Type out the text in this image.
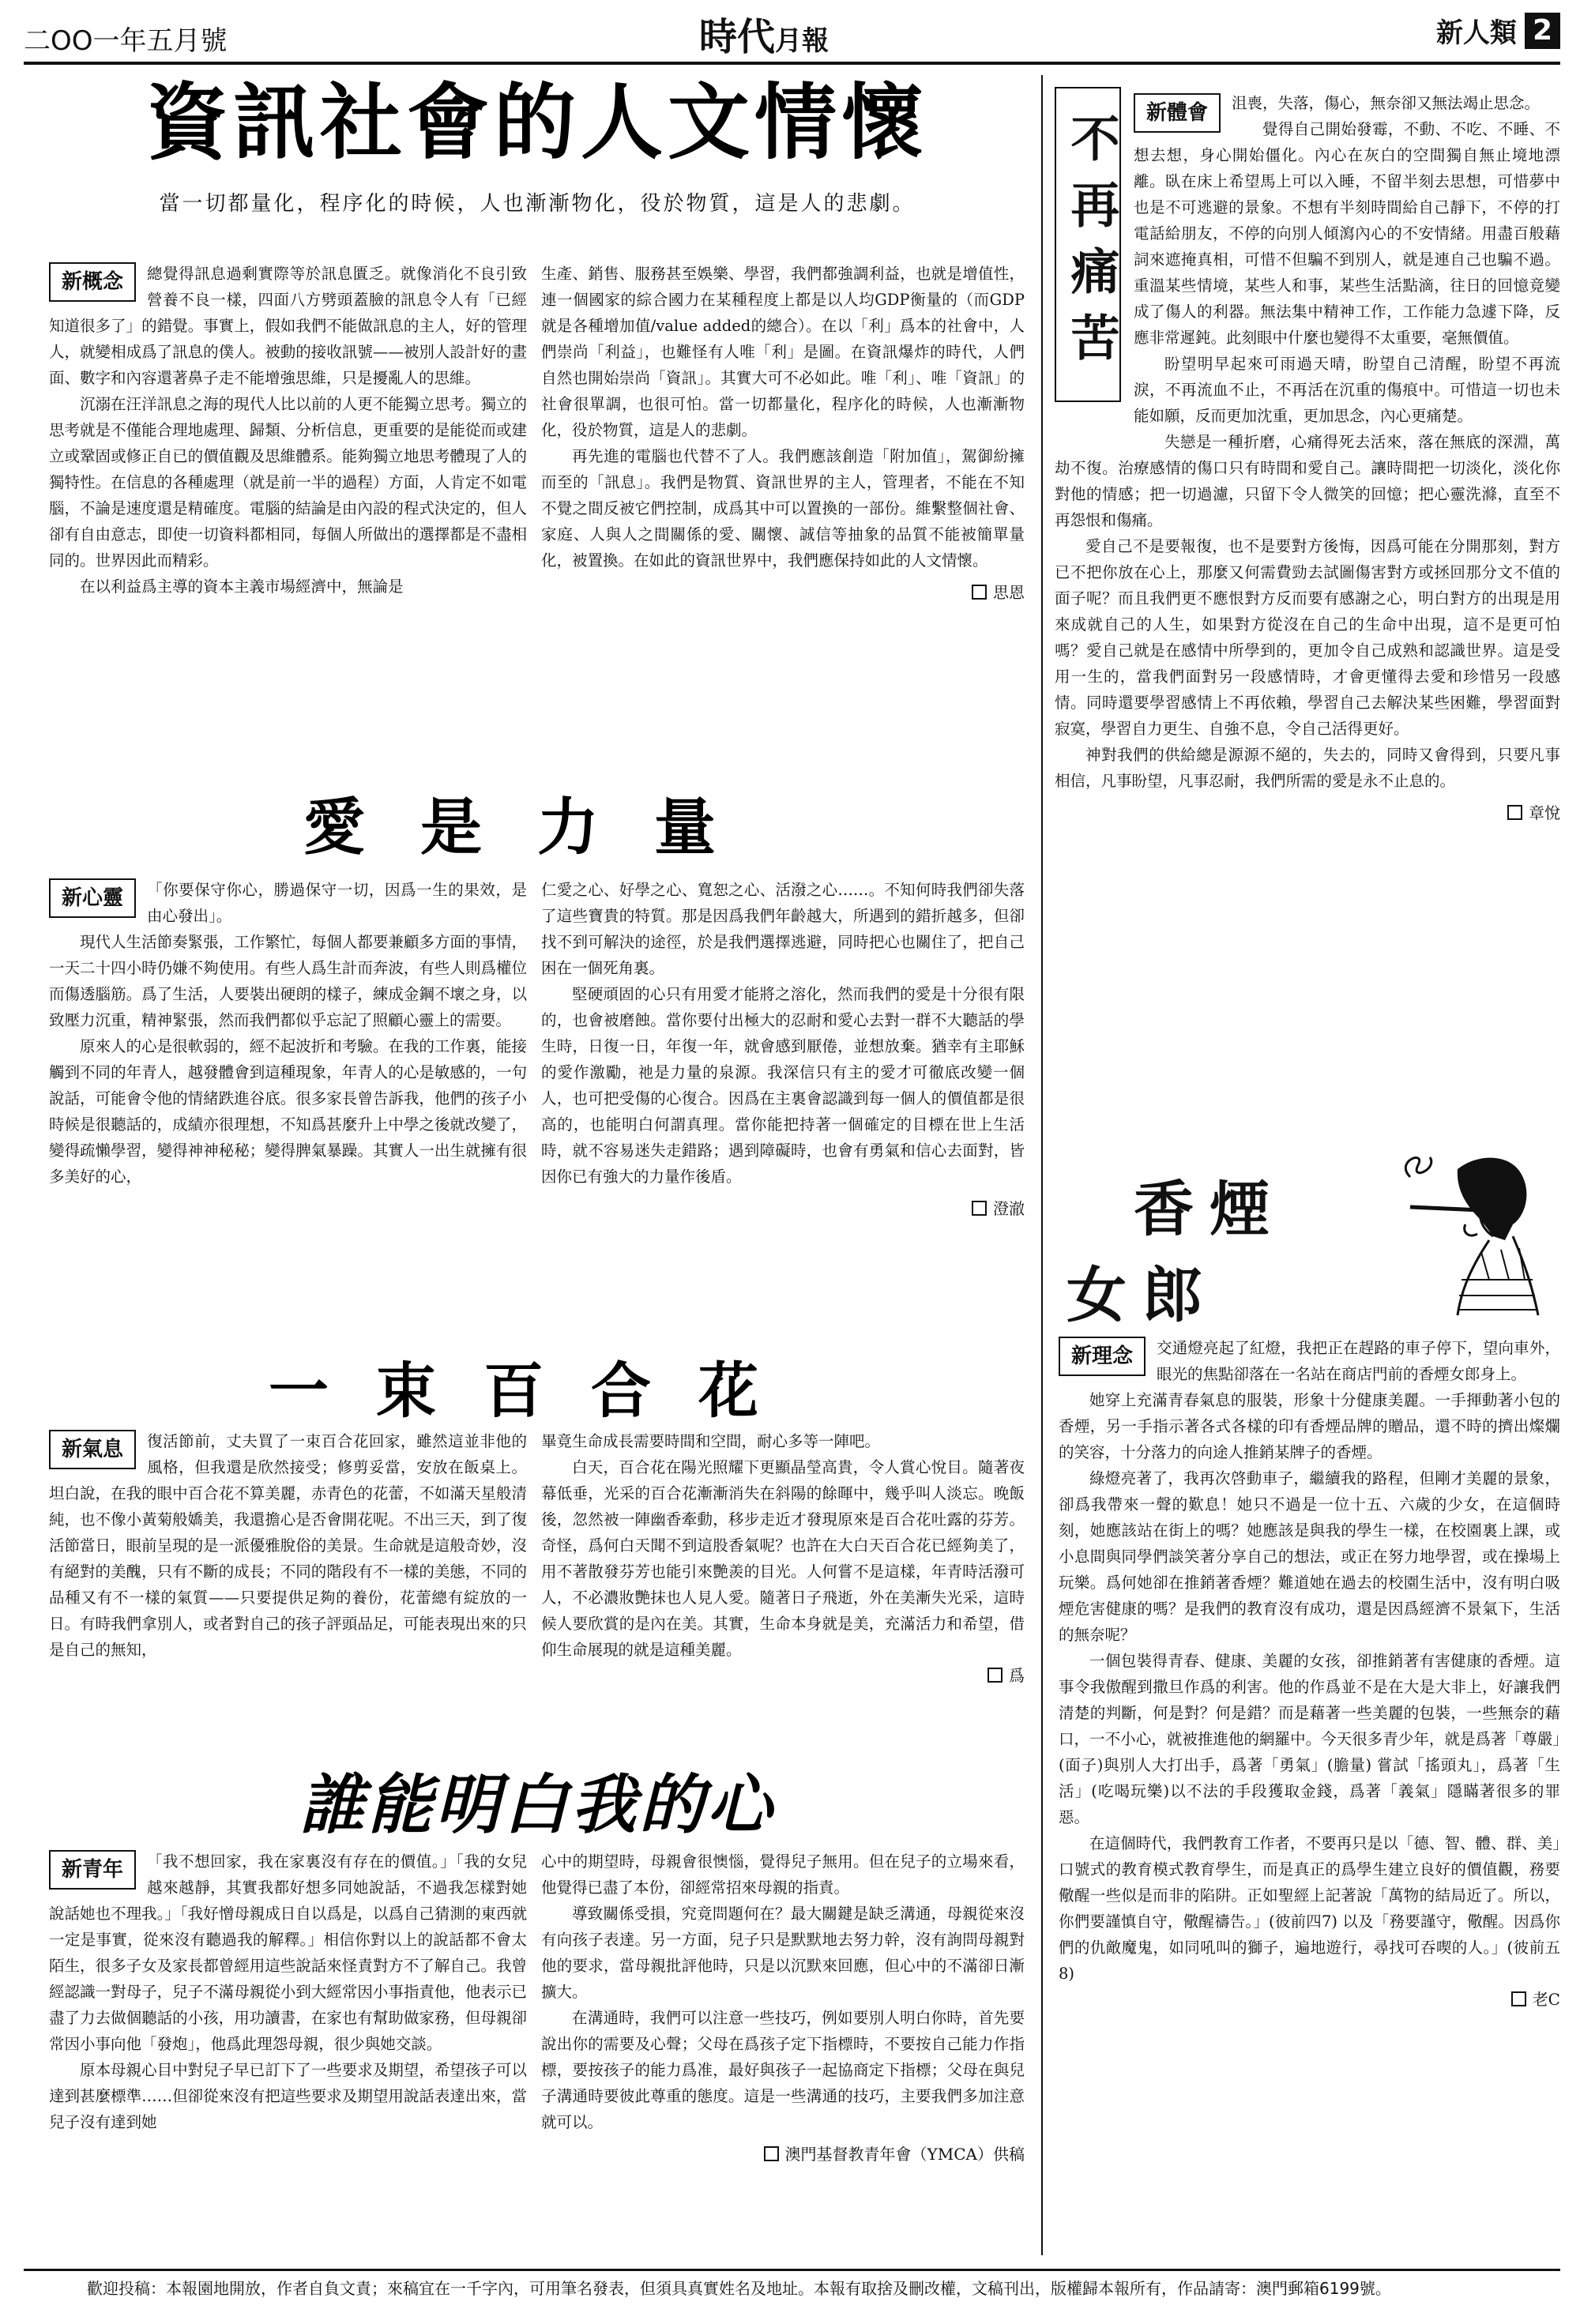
二OO一年五月號	時代月報	新人類 2
資訊社會的人文情懷
當一切都量化，程序化的時候，人也漸漸物化，役於物質，這是人的悲劇。
新概念	總覺得訊息過剩實際等於訊息匱乏。就像消化不良引致營養不良一樣，四面八方劈頭蓋臉的訊息令人有「已經知道很多了」的錯覺。事實上，假如我們不能做訊息的主人，好的管理人，就變相成爲了訊息的僕人。被動的接收訊號——被別人設計好的畫面、數字和內容還著鼻子走不能增強思維，只是擾亂人的思維。

沉溺在汪洋訊息之海的現代人比以前的人更不能獨立思考。獨立的思考就是不僅能合理地處理、歸類、分析信息，更重要的是能從而或建立或鞏固或修正自已的價值觀及思維體系。能夠獨立地思考體現了人的獨特性。在信息的各種處理（就是前一半的過程）方面，人肯定不如電腦，不論是速度還是精確度。電腦的結論是由內設的程式決定的，但人卻有自由意志，即使一切資料都相同，每個人所做出的選擇都是不盡相同的。世界因此而精彩。

在以利益爲主導的資本主義市場經濟中，無論是

生產、銷售、服務甚至娛樂、學習，我們都強調利益，也就是增值性，連一個國家的綜合國力在某種程度上都是以人均GDP衡量的（而GDP就是各種增加值/value added的總合）。在以「利」爲本的社會中，人們崇尚「利益」，也難怪有人唯「利」是圖。在資訊爆炸的時代，人們自然也開始崇尚「資訊」。其實大可不必如此。唯「利」、唯「資訊」的社會很單調，也很可怕。當一切都量化，程序化的時候，人也漸漸物化，役於物質，這是人的悲劇。

再先進的電腦也代替不了人。我們應該創造「附加值」，駕御紛擁而至的「訊息」。我們是物質、資訊世界的主人，管理者，不能在不知不覺之間反被它們控制，成爲其中可以置換的一部份。維繫整個社會、家庭、人與人之間關係的愛、關懷、誠信等抽象的品質不能被簡單量化，被置換。在如此的資訊世界中，我們應保持如此的人文情懷。

思恩
愛是力量
新心靈	「你要保守你心，勝過保守一切，因爲一生的果效，是由心發出」。

現代人生活節奏緊張，工作繁忙，每個人都要兼顧多方面的事情，一天二十四小時仍嫌不夠使用。有些人爲生計而奔波，有些人則爲權位而傷透腦筋。爲了生活，人要裝出硬朗的樣子，練成金鋼不壞之身，以致壓力沉重，精神緊張，然而我們都似乎忘記了照顧心靈上的需要。

原來人的心是很軟弱的，經不起波折和考驗。在我的工作裏，能接觸到不同的年青人，越發體會到這種現象，年青人的心是敏感的，一句說話，可能會令他的情緒跌進谷底。很多家長曾告訴我，他們的孩子小時候是很聽話的，成績亦很理想，不知爲甚麼升上中學之後就改變了，變得疏懶學習，變得神神秘秘；變得脾氣暴躁。其實人一出生就擁有很多美好的心，

仁愛之心、好學之心、寬恕之心、活潑之心……。不知何時我們卻失落了這些寶貴的特質。那是因爲我們年齡越大，所遇到的錯折越多，但卻找不到可解決的途徑，於是我們選擇逃避，同時把心也關住了，把自己困在一個死角裏。

堅硬頑固的心只有用愛才能將之溶化，然而我們的愛是十分很有限的，也會被磨蝕。當你要付出極大的忍耐和愛心去對一群不大聽話的學生時，日復一日，年復一年，就會感到厭倦，並想放棄。猶幸有主耶穌的愛作激勵，祂是力量的泉源。我深信只有主的愛才可徹底改變一個人，也可把受傷的心復合。因爲在主裏會認識到每一個人的價值都是很高的，也能明白何謂真理。當你能把持著一個確定的目標在世上生活時，就不容易迷失走錯路；遇到障礙時，也會有勇氣和信心去面對，皆因你已有強大的力量作後盾。

澄澈
一束百合花
新氣息	復活節前，丈夫買了一束百合花回家，雖然這並非他的風格，但我還是欣然接受；修剪妥當，安放在飯桌上。坦白說，在我的眼中百合花不算美麗，赤青色的花蕾，不如滿天星般清純，也不像小黃菊般嬌美，我還擔心是否會開花呢。不出三天，到了復活節當日，眼前呈現的是一派優雅脫俗的美景。生命就是這般奇妙，沒有絕對的美醜，只有不斷的成長；不同的階段有不一樣的美態，不同的品種又有不一樣的氣質——只要提供足夠的養份，花蕾總有綻放的一日。有時我們拿別人，或者對自己的孩子評頭品足，可能表現出來的只是自己的無知，

畢竟生命成長需要時間和空間，耐心多等一陣吧。

白天，百合花在陽光照耀下更顯晶瑩高貴，令人賞心悅目。隨著夜幕低垂，光采的百合花漸漸消失在斜陽的餘暉中，幾乎叫人淡忘。晚飯後，忽然被一陣幽香牽動，移步走近才發現原來是百合花吐露的芬芳。奇怪，爲何白天聞不到這股香氣呢？也許在大白天百合花已經夠美了，用不著散發芬芳也能引來艷羨的目光。人何嘗不是這樣，年青時活潑可人，不必濃妝艷抹也人見人愛。隨著日子飛逝，外在美漸失光采，這時候人要欣賞的是內在美。其實，生命本身就是美，充滿活力和希望，借仰生命展現的就是這種美麗。

爲
誰能明白我的心
新青年	「我不想回家，我在家裏沒有存在的價值。」「我的女兒越來越靜，其實我都好想多同她說話，不過我怎樣對她說話她也不理我。」「我好憎母親成日自以爲是，以爲自己猜測的東西就一定是事實，從來沒有聽過我的解釋。」相信你對以上的說話都不會太陌生，很多子女及家長都曾經用這些說話來怪責對方不了解自己。我曾經認識一對母子，兒子不滿母親從小到大經常因小事指責他，他表示已盡了力去做個聽話的小孩，用功讀書，在家也有幫助做家務，但母親卻常因小事向他「發炮」，他爲此理怨母親，很少與她交談。

原本母親心目中對兒子早已訂下了一些要求及期望，希望孩子可以達到甚麼標準……但卻從來沒有把這些要求及期望用說話表達出來，當兒子沒有達到她

心中的期望時，母親會很懊惱，覺得兒子無用。但在兒子的立場來看，他覺得已盡了本份，卻經常招來母親的指責。

導致關係受損，究竟問題何在？最大關鍵是缺乏溝通，母親從來沒有向孩子表達。另一方面，兒子只是默默地去努力幹，沒有詢問母親對他的要求，當母親批評他時，只是以沉默來回應，但心中的不滿卻日漸擴大。

在溝通時，我們可以注意一些技巧，例如要別人明白你時，首先要說出你的需要及心聲；父母在爲孩子定下指標時，不要按自己能力作指標，要按孩子的能力爲准，最好與孩子一起協商定下指標；父母在與兒子溝通時要彼此尊重的態度。這是一些溝通的技巧，主要我們多加注意就可以。

澳門基督教青年會（YMCA）供稿
不再痛苦	新體會	沮喪，失落，傷心，無奈卻又無法竭止思念。

覺得自己開始發霉，不動、不吃、不睡、不想去想，身心開始僵化。內心在灰白的空間獨自無止境地漂離。臥在床上希望馬上可以入睡，不留半刻去思想，可惜夢中也是不可逃避的景象。不想有半刻時間給自己靜下，不停的打電話給朋友，不停的向別人傾瀉內心的不安情緒。用盡百般藉詞來遮掩真相，可惜不但騙不到別人，就是連自己也騙不過。重溫某些情境，某些人和事，某些生活點滴，往日的回憶竟變成了傷人的利器。無法集中精神工作，工作能力急遽下降，反應非常遲鈍。此刻眼中什麼也變得不太重要，毫無價值。

盼望明早起來可雨過天晴，盼望自己清醒，盼望不再流淚，不再流血不止，不再活在沉重的傷痕中。可惜這一切也未能如願，反而更加沈重，更加思念，內心更痛楚。

失戀是一種折磨，心痛得死去活來，落在無底的深淵，萬劫不復。治療感情的傷口只有時間和愛自己。讓時間把一切淡化，淡化你對他的情感；把一切過濾，只留下令人微笑的回憶；把心靈洗滌，直至不再怨恨和傷痛。

愛自己不是要報復，也不是要對方後悔，因爲可能在分開那刻，對方已不把你放在心上，那麼又何需費勁去試圖傷害對方或拯回那分文不值的面子呢？而且我們更不應恨對方反而要有感謝之心，明白對方的出現是用來成就自己的人生，如果對方從沒在自己的生命中出現，這不是更可怕嗎？愛自己就是在感情中所學到的，更加令自己成熟和認識世界。這是受用一生的，當我們面對另一段感情時，才會更懂得去愛和珍惜另一段感情。同時還要學習感情上不再依賴，學習自己去解決某些困難，學習面對寂寞，學習自力更生、自強不息，令自己活得更好。

神對我們的供給總是源源不絕的，失去的，同時又會得到，只要凡事相信，凡事盼望，凡事忍耐，我們所需的愛是永不止息的。

章悅
香煙
女郎
新理念	交通燈亮起了紅燈，我把正在趕路的車子停下，望向車外，眼光的焦點卻落在一名站在商店門前的香煙女郎身上。

她穿上充滿青春氣息的服裝，形象十分健康美麗。一手揮動著小包的香煙，另一手指示著各式各樣的印有香煙品牌的贈品，還不時的擠出燦爛的笑容，十分落力的向途人推銷某牌子的香煙。

綠燈亮著了，我再次啓動車子，繼續我的路程，但剛才美麗的景象，卻爲我帶來一聲的歎息！她只不過是一位十五、六歲的少女，在這個時刻，她應該站在街上的嗎？她應該是與我的學生一樣，在校園裏上課，或小息間與同學們談笑著分享自己的想法，或正在努力地學習，或在操場上玩樂。爲何她卻在推銷著香煙？難道她在過去的校園生活中，沒有明白吸煙危害健康的嗎？是我們的教育沒有成功，還是因爲經濟不景氣下，生活的無奈呢？

一個包裝得青春、健康、美麗的女孩，卻推銷著有害健康的香煙。這事令我傲醒到撒旦作爲的利害。他的作爲並不是在大是大非上，好讓我們清楚的判斷，何是對？何是錯？而是藉著一些美麗的包裝，一些無奈的藉口，一不小心，就被推進他的網羅中。今天很多青少年，就是爲著「尊嚴」(面子)與別人大打出手，爲著「勇氣」(膽量) 嘗試「搖頭丸」，爲著「生活」(吃喝玩樂)以不法的手段獲取金錢，爲著「義氣」隱瞞著很多的罪惡。

在這個時代，我們教育工作者，不要再只是以「德、智、體、群、美」口號式的教育模式教育學生，而是真正的爲學生建立良好的價值觀，務要儆醒一些似是而非的陷阱。正如聖經上記著說「萬物的結局近了。所以，你們要謹慎自守，儆醒禱告。」(彼前四7) 以及「務要謹守，儆醒。因爲你們的仇敵魔鬼，如同吼叫的獅子，遍地遊行，尋找可吞喫的人。」(彼前五8)

老C
歡迎投稿：本報園地開放，作者自負文責；來稿宜在一千字內，可用筆名發表，但須具真實姓名及地址。本報有取捨及刪改權，文稿刊出，版權歸本報所有，作品請寄：澳門郵箱6199號。
